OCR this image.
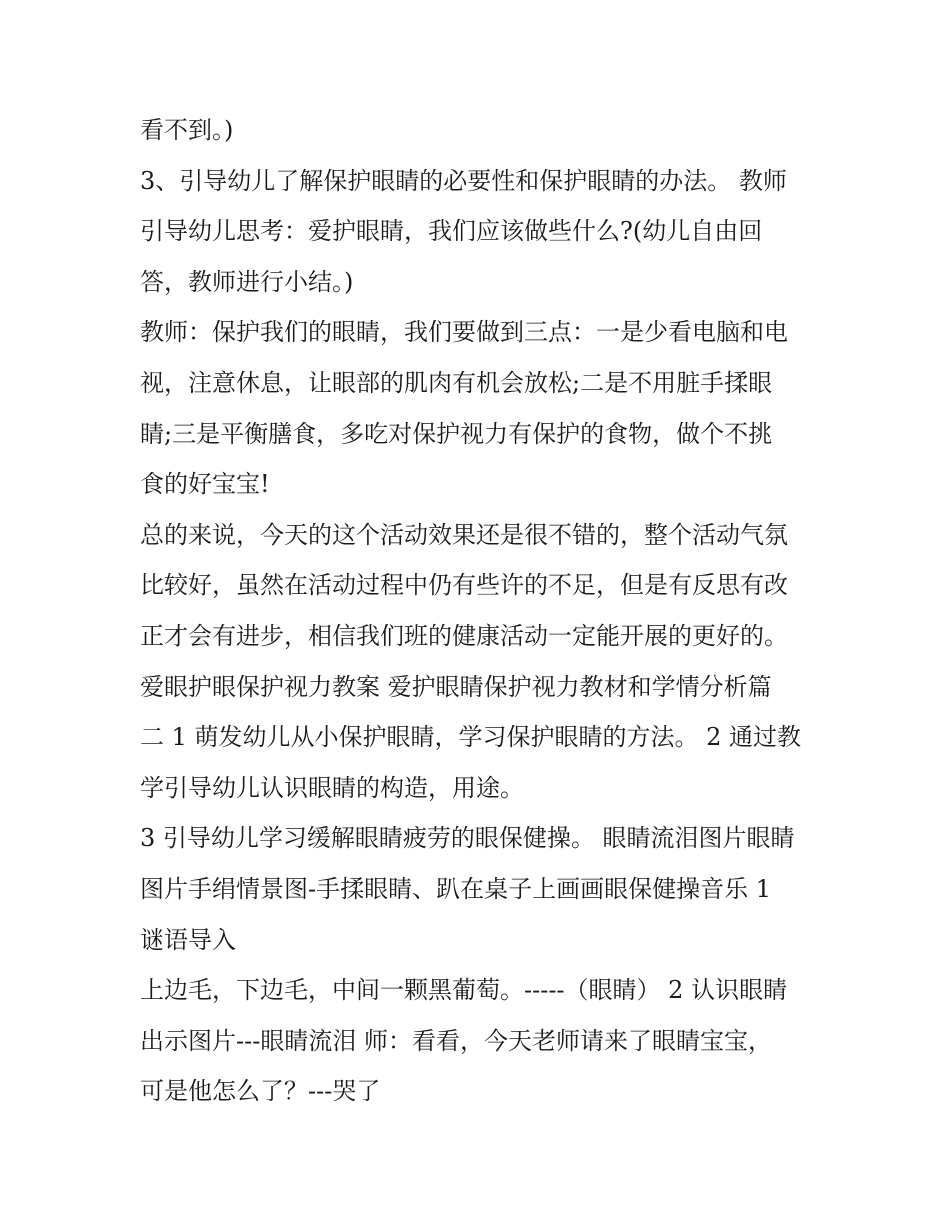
看不到。)
3、引导幼儿了解保护眼睛的必要性和保护眼睛的办法。 教师
引导幼儿思考：爱护眼睛，我们应该做些什么?(幼儿自由回
答，教师进行小结。)
教师：保护我们的眼睛，我们要做到三点：一是少看电脑和电
视，注意休息，让眼部的肌肉有机会放松;二是不用脏手揉眼
睛;三是平衡膳食，多吃对保护视力有保护的食物，做个不挑
食的好宝宝!
总的来说，今天的这个活动效果还是很不错的，整个活动气氛
比较好，虽然在活动过程中仍有些许的不足，但是有反思有改
正才会有进步，相信我们班的健康活动一定能开展的更好的。
爱眼护眼保护视力教案 爱护眼睛保护视力教材和学情分析篇
二 1 萌发幼儿从小保护眼睛，学习保护眼睛的方法。 2 通过教
学引导幼儿认识眼睛的构造，用途。
3 引导幼儿学习缓解眼睛疲劳的眼保健操。 眼睛流泪图片眼睛
图片手绢情景图-手揉眼睛、趴在桌子上画画眼保健操音乐 1
谜语导入
上边毛，下边毛，中间一颗黑葡萄。-----（眼睛） 2 认识眼睛
出示图片---眼睛流泪 师：看看，今天老师请来了眼睛宝宝，
可是他怎么了？---哭了
